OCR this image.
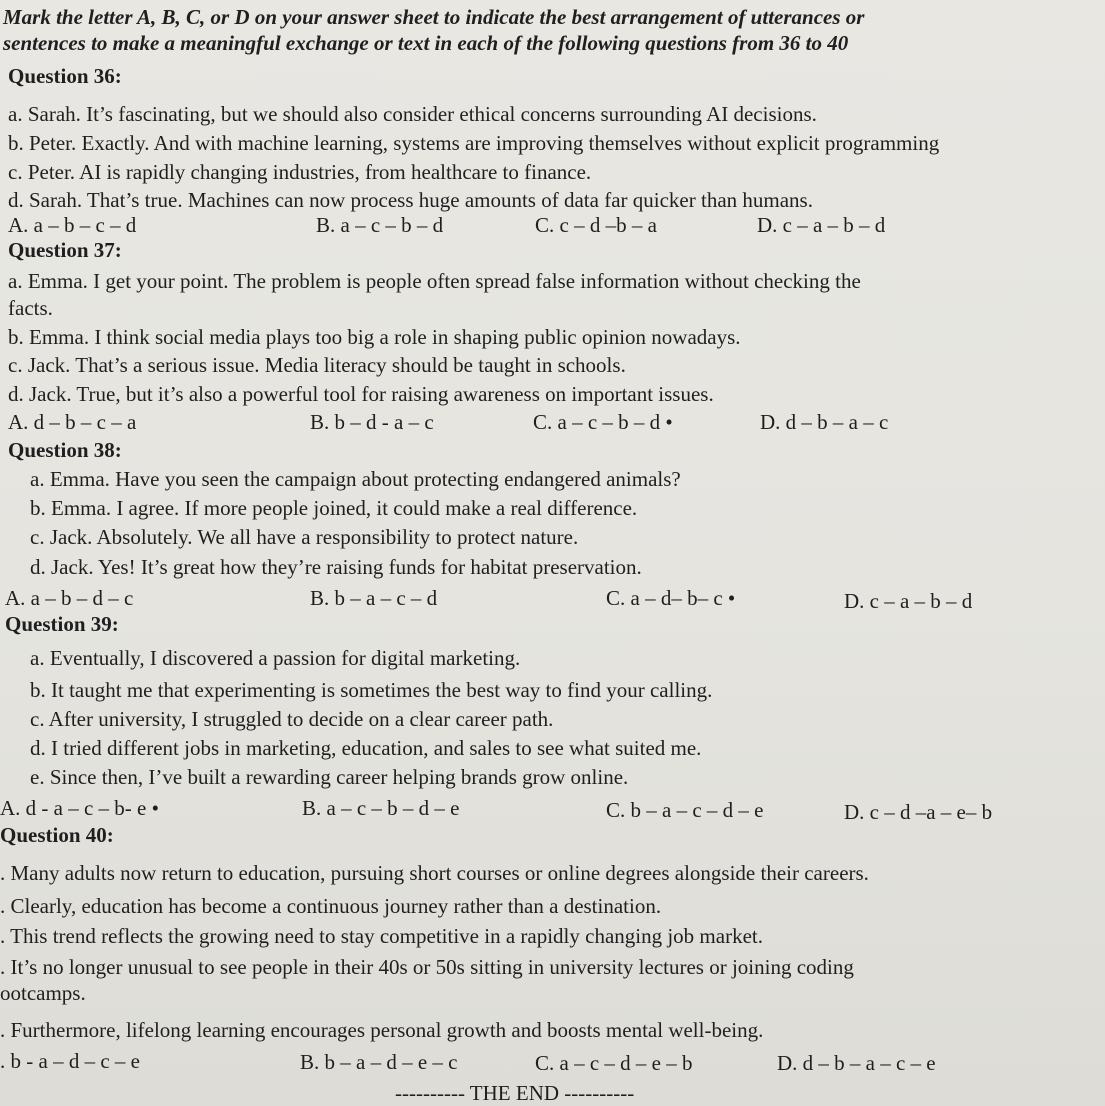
Mark the letter A, B, C, or D on your answer sheet to indicate the best arrangement of utterances or
sentences to make a meaningful exchange or text in each of the following questions from 36 to 40
Question 36:
a. Sarah. It’s fascinating, but we should also consider ethical concerns surrounding AI decisions.
b. Peter. Exactly. And with machine learning, systems are improving themselves without explicit programming
c. Peter. AI is rapidly changing industries, from healthcare to finance.
d. Sarah. That’s true. Machines can now process huge amounts of data far quicker than humans.
A. a – b – c – d	B. a – c – b – d	C. c – d –b – a	D. c – a – b – d
Question 37:
a. Emma. I get your point. The problem is people often spread false information without checking the
facts.
b. Emma. I think social media plays too big a role in shaping public opinion nowadays.
c. Jack. That’s a serious issue. Media literacy should be taught in schools.
d. Jack. True, but it’s also a powerful tool for raising awareness on important issues.
A. d – b – c – a	B. b – d - a – c	C. a – c – b – d •	D. d – b – a – c
Question 38:
a. Emma. Have you seen the campaign about protecting endangered animals?
b. Emma. I agree. If more people joined, it could make a real difference.
c. Jack. Absolutely. We all have a responsibility to protect nature.
d. Jack. Yes! It’s great how they’re raising funds for habitat preservation.
A. a – b – d – c	B. b – a – c – d	C. a – d– b– c •	D. c – a – b – d
Question 39:
a. Eventually, I discovered a passion for digital marketing.
b. It taught me that experimenting is sometimes the best way to find your calling.
c. After university, I struggled to decide on a clear career path.
d. I tried different jobs in marketing, education, and sales to see what suited me.
e. Since then, I’ve built a rewarding career helping brands grow online.
A. d - a – c – b- e •	B. a – c – b – d – e	C. b – a – c – d – e	D. c – d –a – e– b
Question 40:
. Many adults now return to education, pursuing short courses or online degrees alongside their careers.
. Clearly, education has become a continuous journey rather than a destination.
. This trend reflects the growing need to stay competitive in a rapidly changing job market.
. It’s no longer unusual to see people in their 40s or 50s sitting in university lectures or joining coding
ootcamps.
. Furthermore, lifelong learning encourages personal growth and boosts mental well-being.
. b - a – d – c – e	B. b – a – d – e – c	C. a – c – d – e – b	D. d – b – a – c – e
---------- THE END ----------
